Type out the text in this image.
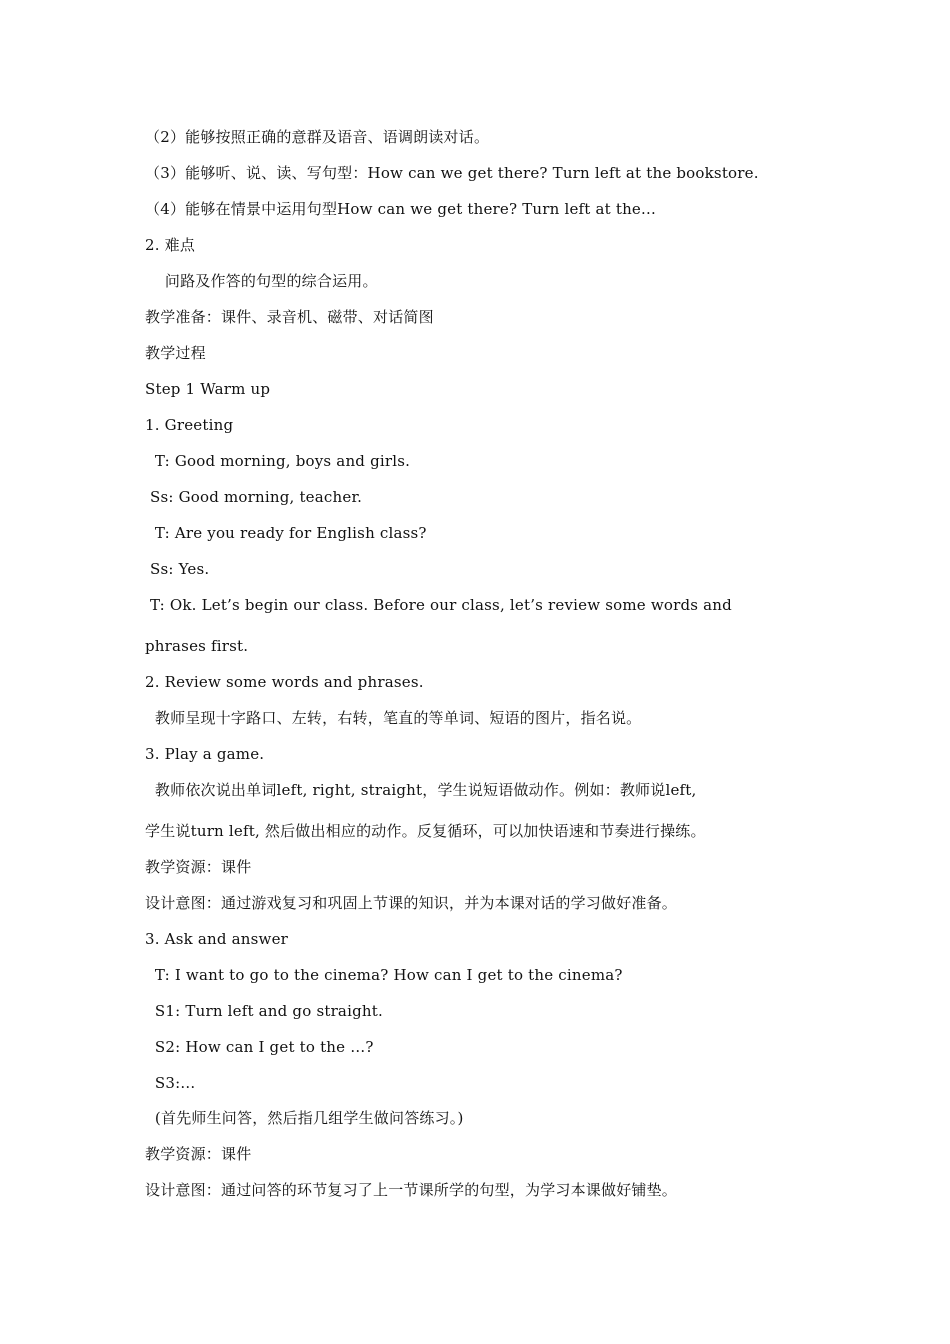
（2）能够按照正确的意群及语音、语调朗读对话。
（3）能够听、说、读、写句型：How can we get there? Turn left at the bookstore.
（4）能够在情景中运用句型How can we get there? Turn left at the...
2. 难点
问路及作答的句型的综合运用。
教学准备：课件、录音机、磁带、对话简图
教学过程
Step 1 Warm up
1. Greeting
T: Good morning, boys and girls.
Ss: Good morning, teacher.
T: Are you ready for English class?
Ss: Yes.
T: Ok. Let’s begin our class. Before our class, let’s review some words and
phrases first.
2. Review some words and phrases.
教师呈现十字路口、左转，右转，笔直的等单词、短语的图片，指名说。
3. Play a game.
教师依次说出单词left, right, straight，学生说短语做动作。例如：教师说left,
学生说turn left, 然后做出相应的动作。反复循环，可以加快语速和节奏进行操练。
教学资源：课件
设计意图：通过游戏复习和巩固上节课的知识，并为本课对话的学习做好准备。
3. Ask and answer
T: I want to go to the cinema? How can I get to the cinema?
S1: Turn left and go straight.
S2: How can I get to the …?
S3:...
(首先师生问答，然后指几组学生做问答练习。)
教学资源：课件
设计意图：通过问答的环节复习了上一节课所学的句型，为学习本课做好铺垫。
